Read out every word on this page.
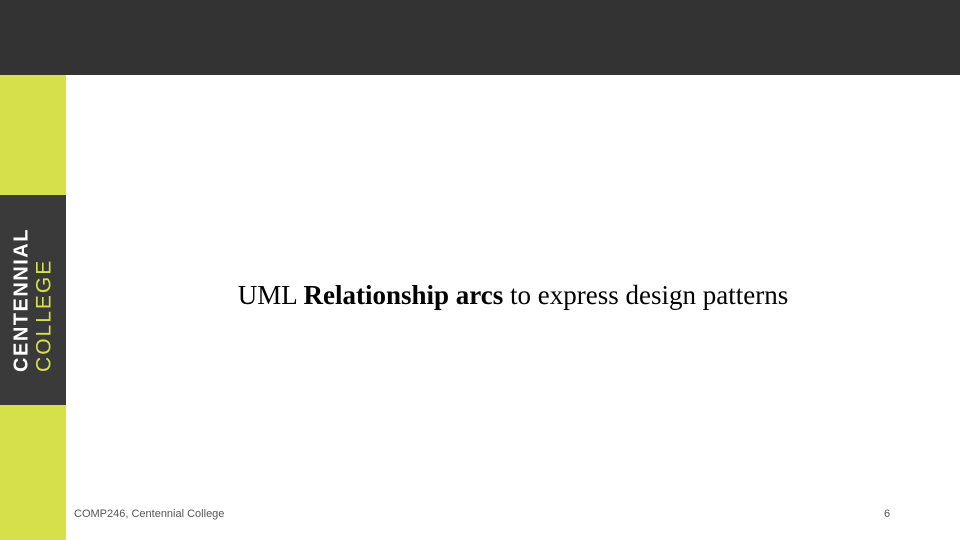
CENTENNIAL COLLEGE	UML Relationship arcs to express design patterns
COMP246, Centennial College	6
